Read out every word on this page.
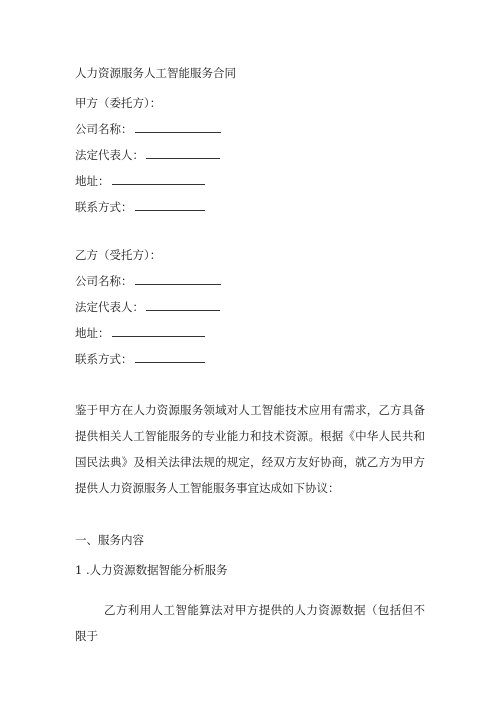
人力资源服务人工智能服务合同
甲方（委托方）：
公司名称：
法定代表人：
地址：
联系方式：
乙方（受托方）：
公司名称：
法定代表人：
地址：
联系方式：
鉴于甲方在人力资源服务领域对人工智能技术应用有需求，乙方具备提供相关人工智能服务的专业能力和技术资源。根据《中华人民共和国民法典》及相关法律法规的规定，经双方友好协商，就乙方为甲方提供人力资源服务人工智能服务事宜达成如下协议：
一、服务内容
1 .人力资源数据智能分析服务
乙方利用人工智能算法对甲方提供的人力资源数据（包括但不限于
